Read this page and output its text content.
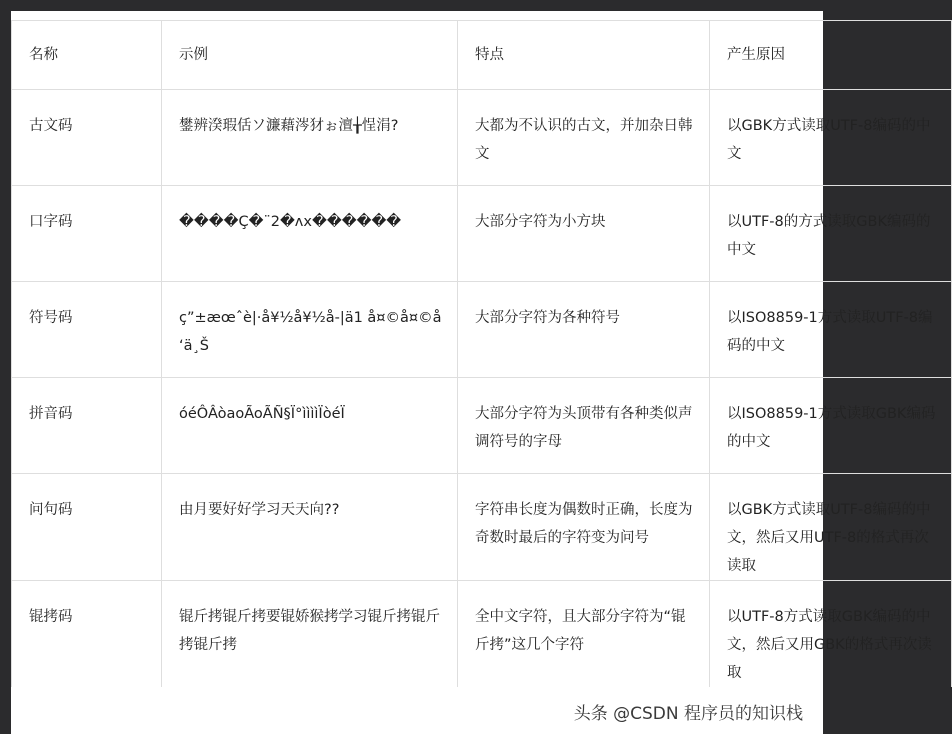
名称	示例	特点	产生原因
古文码	鐢辨湀瑕佸ソ濂藉涔犲ぉ澶╁悜涓?	大都为不认识的古文，并加杂日韩文	以GBK方式读取UTF-8编码的中文
口字码	����Ç�¨2�ʌx������	大部分字符为小方块	以UTF-8的方式读取GBK编码的中文
符号码	ç”±æœˆè|·å¥½å¥½å-|ä1 å¤©å¤©å ‘ä¸Š	大部分字符为各种符号	以ISO8859-1方式读取UTF-8编码的中文
拼音码	óéÔÂòaoÃoÃÑ§Ï°ììììÏòéÏ	大部分字符为头顶带有各种类似声调符号的字母	以ISO8859-1方式读取GBK编码的中文
问句码	由月要好好学习天天向??	字符串长度为偶数时正确，长度为奇数时最后的字符变为问号	以GBK方式读取UTF-8编码的中文，然后又用UTF-8的格式再次读取
锟拷码	锟斤拷锟斤拷要锟娇猴拷学习锟斤拷锟斤拷锟斤拷	全中文字符，且大部分字符为“锟斤拷”这几个字符	以UTF-8方式读取GBK编码的中文，然后又用GBK的格式再次读取
头条 @CSDN 程序员的知识栈
